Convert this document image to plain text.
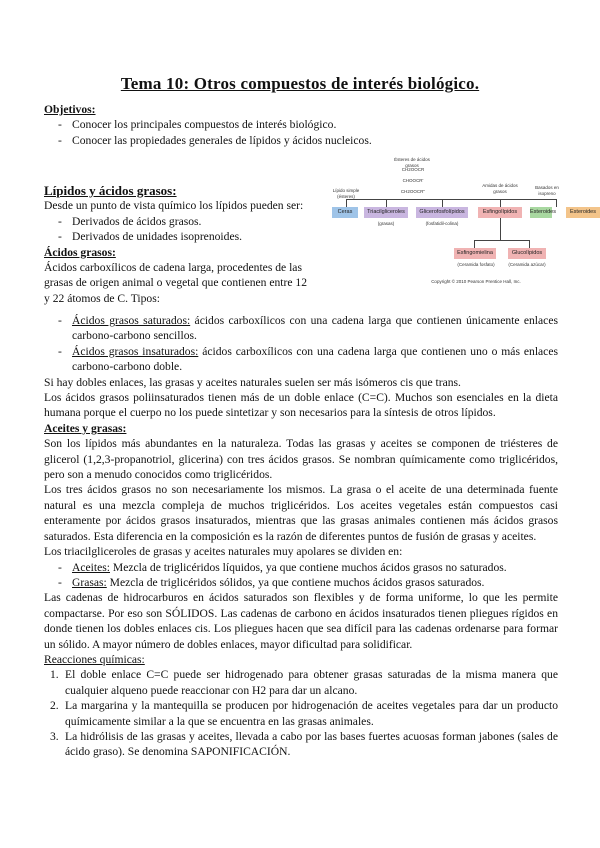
Tema 10: Otros compuestos de interés biológico.
Objetivos:
- Conocer los principales compuestos de interés biológico.
- Conocer las propiedades generales de lípidos y ácidos nucleicos.
Ésteres de ácidos grasos
CH2OOCR
CHOOCR'
CH2OOCR''
Lípido simple (ésteres)
Amidas de ácidos grasos
Basados en isopreno
Ceras	Triacilgliceroles	Glicerofosfolípidos	Esfingolípidos	Esteroides	Esteroides
(grasas)	(fosfatidil-colina)
Esfingomielina	Glucolípidos
(Ceramida fosfato)	(Ceramida azúcar)
Copyright © 2010 Pearson Prentice Hall, Inc.
Lípidos y ácidos grasos:
Desde un punto de vista químico los lípidos pueden ser:
- Derivados de ácidos grasos.
- Derivados de unidades isoprenoides.
Ácidos grasos:
Ácidos carboxílicos de cadena larga, procedentes de las
grasas de origen animal o vegetal que contienen entre 12
y 22 átomos de C. Tipos:
- Ácidos grasos saturados: ácidos carboxílicos con una cadena larga que contienen únicamente enlaces carbono-carbono sencillos.
- Ácidos grasos insaturados: ácidos carboxílicos con una cadena larga que contienen uno o más enlaces carbono-carbono doble.
Si hay dobles enlaces, las grasas y aceites naturales suelen ser más isómeros cis que trans.
Los ácidos grasos poliinsaturados tienen más de un doble enlace (C=C). Muchos son esenciales en la dieta humana porque el cuerpo no los puede sintetizar y son necesarios para la síntesis de otros lípidos.
Aceites y grasas:
Son los lípidos más abundantes en la naturaleza. Todas las grasas y aceites se componen de triésteres de glicerol (1,2,3-propanotriol, glicerina) con tres ácidos grasos. Se nombran químicamente como triglicéridos, pero son a menudo conocidos como triglicéridos.
Los tres ácidos grasos no son necesariamente los mismos. La grasa o el aceite de una determinada fuente natural es una mezcla compleja de muchos triglicéridos. Los aceites vegetales están compuestos casi enteramente por ácidos grasos insaturados, mientras que las grasas animales contienen más ácidos grasos saturados. Esta diferencia en la composición es la razón de diferentes puntos de fusión de grasas y aceites.
Los triacilgliceroles de grasas y aceites naturales muy apolares se dividen en:
- Aceites: Mezcla de triglicéridos líquidos, ya que contiene muchos ácidos grasos no saturados.
- Grasas: Mezcla de triglicéridos sólidos, ya que contiene muchos ácidos grasos saturados.
Las cadenas de hidrocarburos en ácidos saturados son flexibles y de forma uniforme, lo que les permite compactarse. Por eso son SÓLIDOS. Las cadenas de carbono en ácidos insaturados tienen pliegues rígidos en donde tienen los dobles enlaces cis. Los pliegues hacen que sea difícil para las cadenas ordenarse para formar un sólido. A mayor número de dobles enlaces, mayor dificultad para solidificar.
Reacciones químicas:
1. El doble enlace C=C puede ser hidrogenado para obtener grasas saturadas de la misma manera que cualquier alqueno puede reaccionar con H2 para dar un alcano.
2. La margarina y la mantequilla se producen por hidrogenación de aceites vegetales para dar un producto químicamente similar a la que se encuentra en las grasas animales.
3. La hidrólisis de las grasas y aceites, llevada a cabo por las bases fuertes acuosas forman jabones (sales de ácido graso). Se denomina SAPONIFICACIÓN.
